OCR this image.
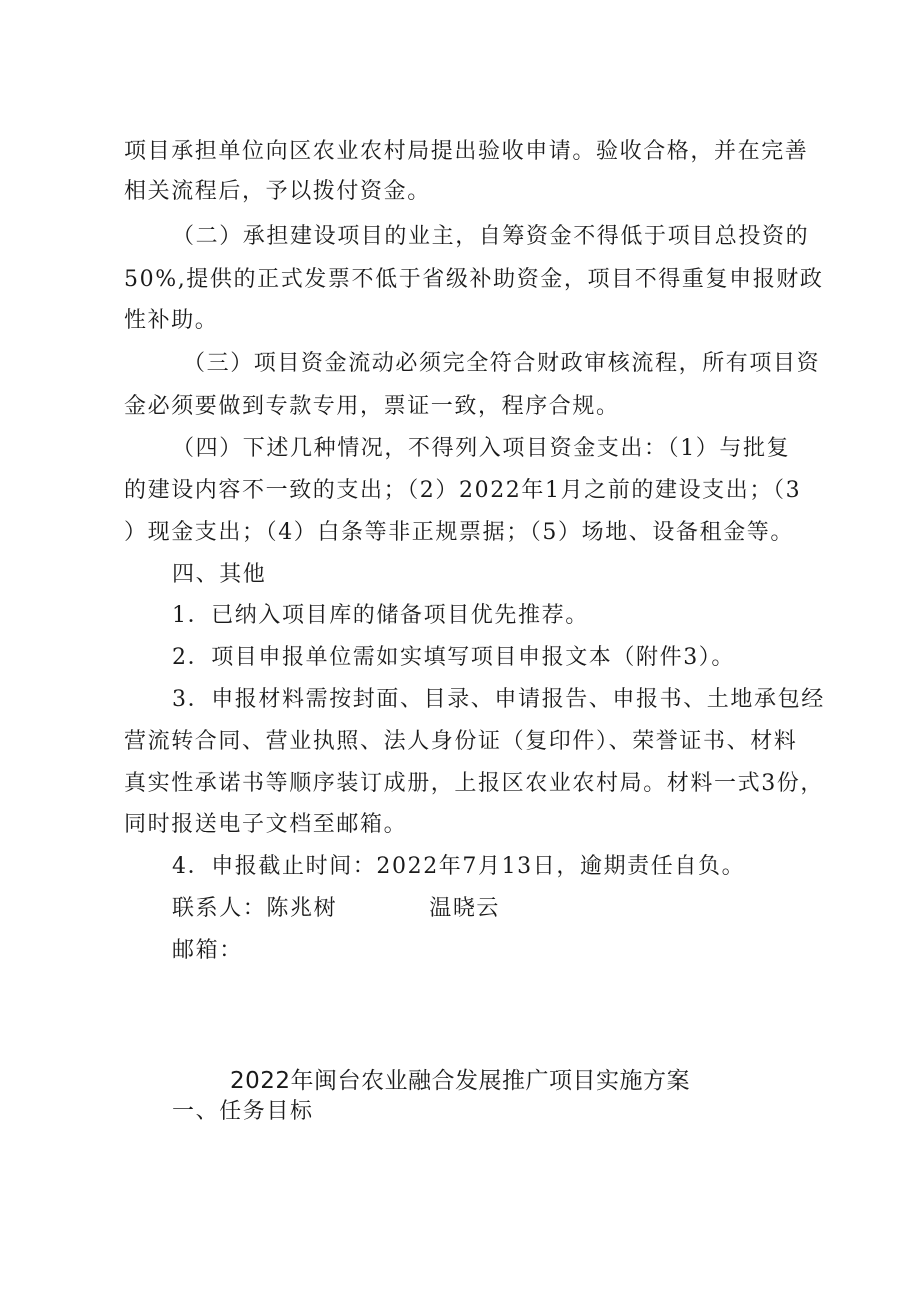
项目承担单位向区农业农村局提出验收申请。验收合格，并在完善
相关流程后，予以拨付资金。
（二）承担建设项目的业主，自筹资金不得低于项目总投资的
50%,提供的正式发票不低于省级补助资金，项目不得重复申报财政
性补助。
（三）项目资金流动必须完全符合财政审核流程，所有项目资
金必须要做到专款专用，票证一致，程序合规。
（四）下述几种情况，不得列入项目资金支出：（1）与批复
的建设内容不一致的支出；（2）2022年1月之前的建设支出；（3
）现金支出；（4）白条等非正规票据；（5）场地、设备租金等。
四、其他
1．已纳入项目库的储备项目优先推荐。
2．项目申报单位需如实填写项目申报文本（附件3）。
3．申报材料需按封面、目录、申请报告、申报书、土地承包经
营流转合同、营业执照、法人身份证（复印件）、荣誉证书、材料
真实性承诺书等顺序装订成册，上报区农业农村局。材料一式3份，
同时报送电子文档至邮箱。
4．申报截止时间：2022年7月13日，逾期责任自负。
联系人：陈兆树	温晓云
邮箱：
2022年闽台农业融合发展推广项目实施方案
一、任务目标
